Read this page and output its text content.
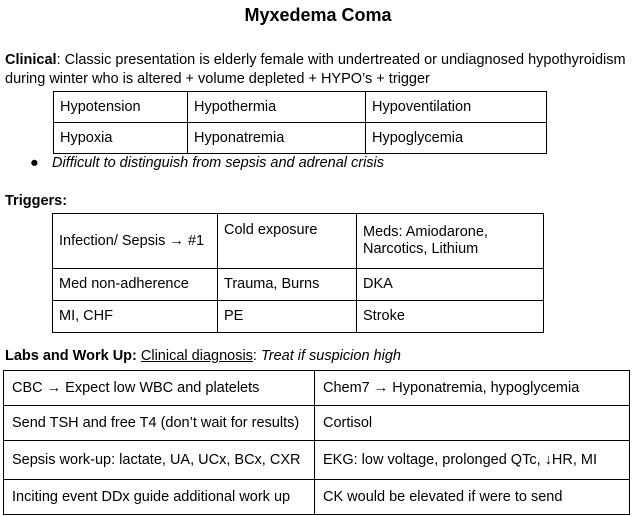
Myxedema Coma
Clinical: Classic presentation is elderly female with undertreated or undiagnosed hypothyroidism during winter who is altered + volume depleted + HYPO’s + trigger
Hypotension	Hypothermia	Hypoventilation
Hypoxia	Hyponatremia	Hypoglycemia
● Difficult to distinguish from sepsis and adrenal crisis
Triggers:
Infection/ Sepsis → #1	Cold exposure	Meds: Amiodarone, Narcotics, Lithium
Med non-adherence	Trauma, Burns	DKA
MI, CHF	PE	Stroke
Labs and Work Up: Clinical diagnosis: Treat if suspicion high
CBC → Expect low WBC and platelets	Chem7 → Hyponatremia, hypoglycemia
Send TSH and free T4 (don’t wait for results)	Cortisol
Sepsis work-up: lactate, UA, UCx, BCx, CXR	EKG: low voltage, prolonged QTc, ↓HR, MI
Inciting event DDx guide additional work up	CK would be elevated if were to send
